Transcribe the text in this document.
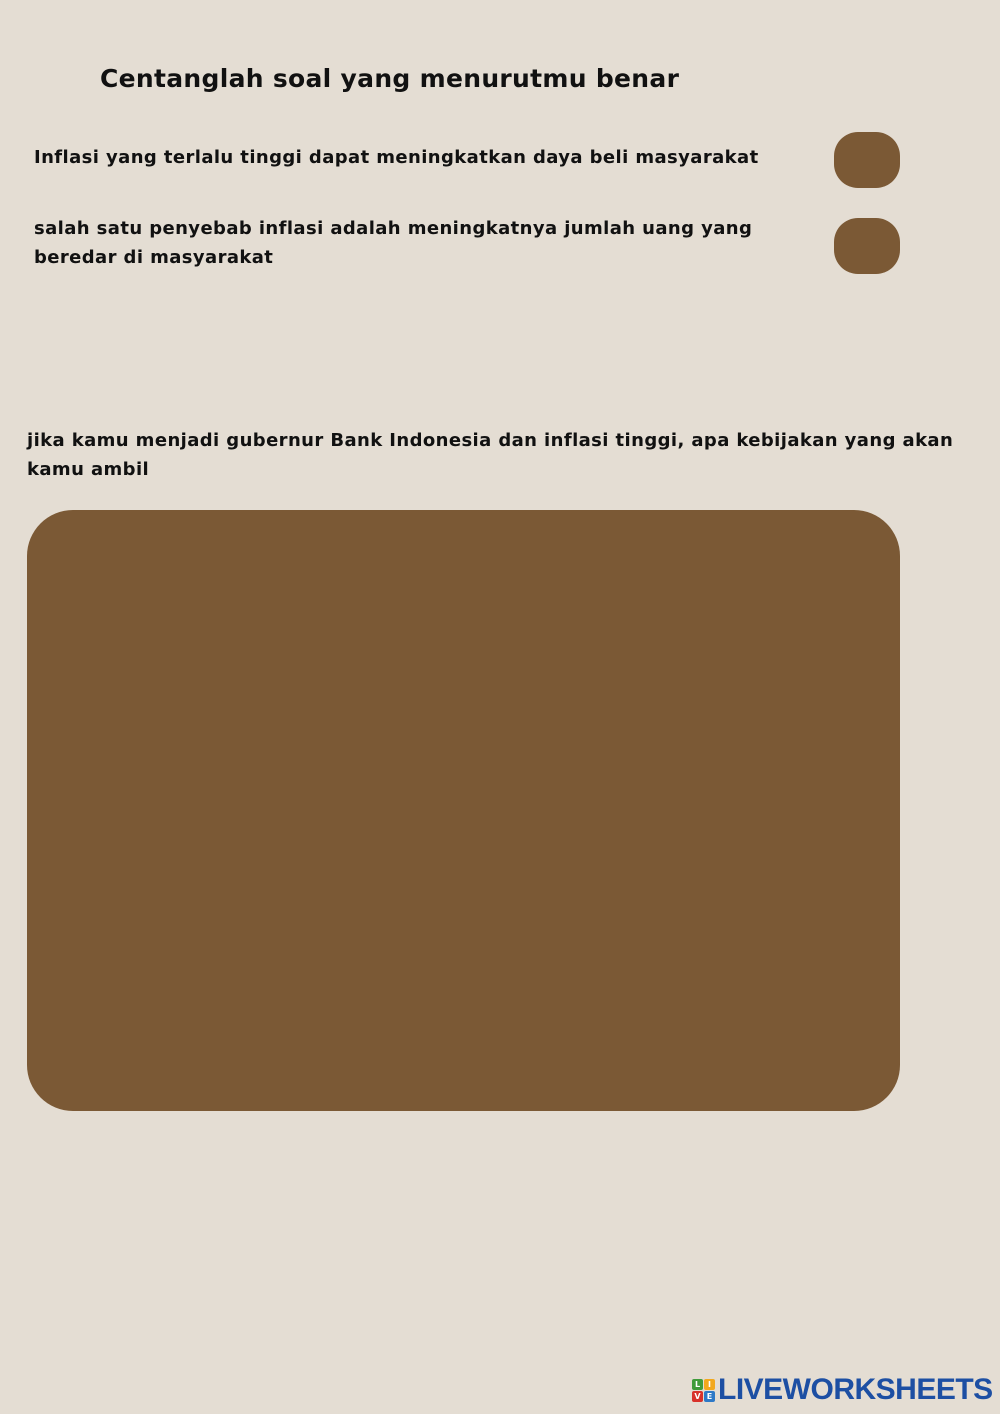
Centanglah soal yang menurutmu benar
Inflasi yang terlalu tinggi dapat meningkatkan daya beli masyarakat
salah satu penyebab inflasi adalah meningkatnya jumlah uang yang beredar di masyarakat
jika kamu menjadi gubernur Bank Indonesia dan inflasi tinggi, apa kebijakan yang akan kamu ambil
L I
V E LIVEWORKSHEETS
